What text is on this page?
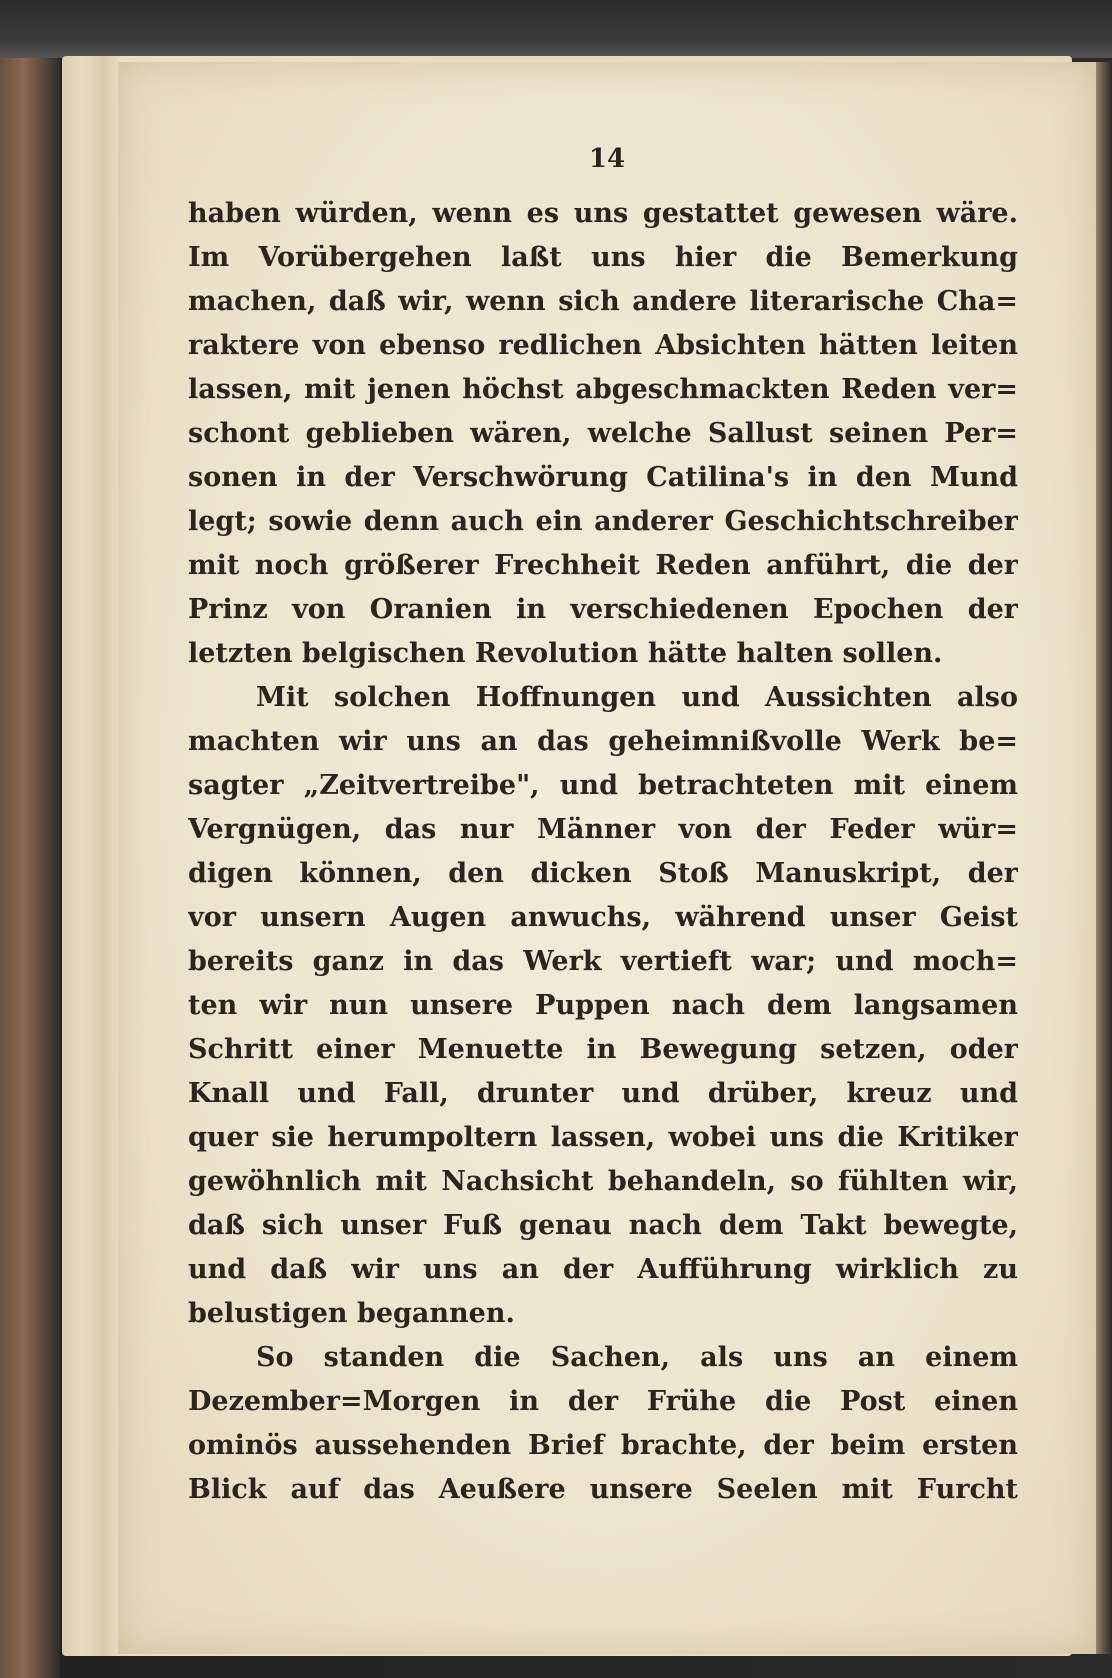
14
haben würden, wenn es uns gestattet gewesen wäre.
Im Vorübergehen laßt uns hier die Bemerkung
machen, daß wir, wenn sich andere literarische Cha=
raktere von ebenso redlichen Absichten hätten leiten
lassen, mit jenen höchst abgeschmackten Reden ver=
schont geblieben wären, welche Sallust seinen Per=
sonen in der Verschwörung Catilina's in den Mund
legt; sowie denn auch ein anderer Geschichtschreiber
mit noch größerer Frechheit Reden anführt, die der
Prinz von Oranien in verschiedenen Epochen der
letzten belgischen Revolution hätte halten sollen.
Mit solchen Hoffnungen und Aussichten also
machten wir uns an das geheimnißvolle Werk be=
sagter „Zeitvertreibe", und betrachteten mit einem
Vergnügen, das nur Männer von der Feder wür=
digen können, den dicken Stoß Manuskript, der
vor unsern Augen anwuchs, während unser Geist
bereits ganz in das Werk vertieft war; und moch=
ten wir nun unsere Puppen nach dem langsamen
Schritt einer Menuette in Bewegung setzen, oder
Knall und Fall, drunter und drüber, kreuz und
quer sie herumpoltern lassen, wobei uns die Kritiker
gewöhnlich mit Nachsicht behandeln, so fühlten wir,
daß sich unser Fuß genau nach dem Takt bewegte,
und daß wir uns an der Aufführung wirklich zu
belustigen begannen.
So standen die Sachen, als uns an einem
Dezember=Morgen in der Frühe die Post einen
ominös aussehenden Brief brachte, der beim ersten
Blick auf das Aeußere unsere Seelen mit Furcht
